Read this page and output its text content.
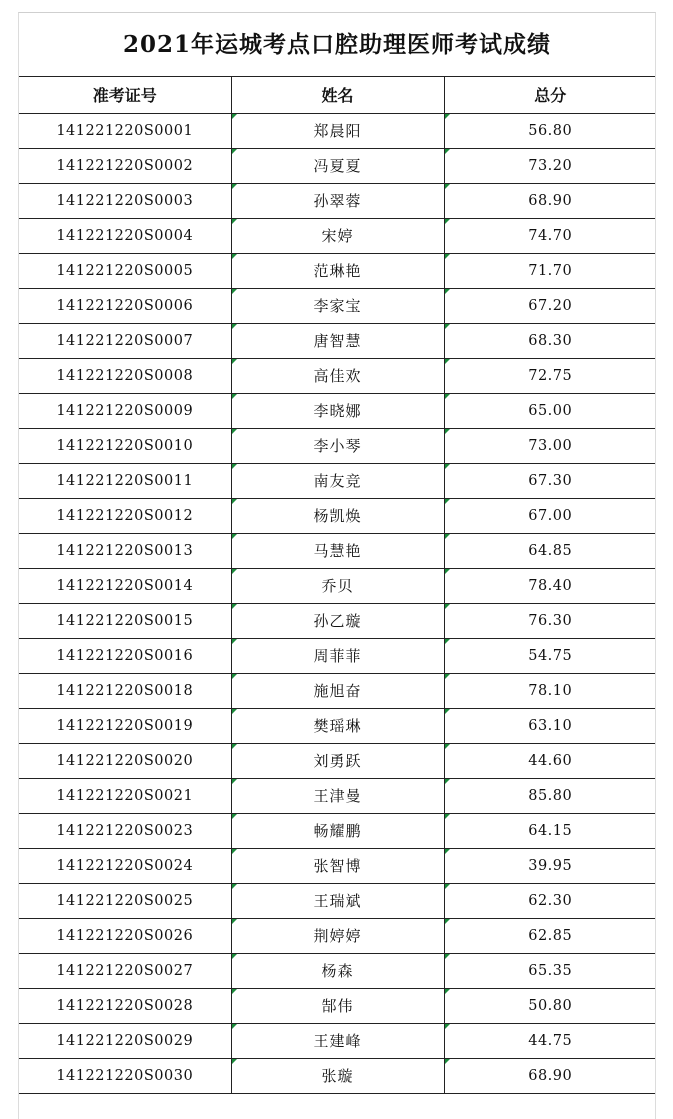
2021年运城考点口腔助理医师考试成绩
准考证号	姓名	总分
141221220S0001	郑晨阳	56.80
141221220S0002	冯夏夏	73.20
141221220S0003	孙翠蓉	68.90
141221220S0004	宋婷	74.70
141221220S0005	范琳艳	71.70
141221220S0006	李家宝	67.20
141221220S0007	唐智慧	68.30
141221220S0008	高佳欢	72.75
141221220S0009	李晓娜	65.00
141221220S0010	李小琴	73.00
141221220S0011	南友竞	67.30
141221220S0012	杨凯焕	67.00
141221220S0013	马慧艳	64.85
141221220S0014	乔贝	78.40
141221220S0015	孙乙璇	76.30
141221220S0016	周菲菲	54.75
141221220S0018	施旭奋	78.10
141221220S0019	樊瑶琳	63.10
141221220S0020	刘勇跃	44.60
141221220S0021	王津曼	85.80
141221220S0023	畅耀鹏	64.15
141221220S0024	张智博	39.95
141221220S0025	王瑞斌	62.30
141221220S0026	荆婷婷	62.85
141221220S0027	杨森	65.35
141221220S0028	郜伟	50.80
141221220S0029	王建峰	44.75
141221220S0030	张璇	68.90
